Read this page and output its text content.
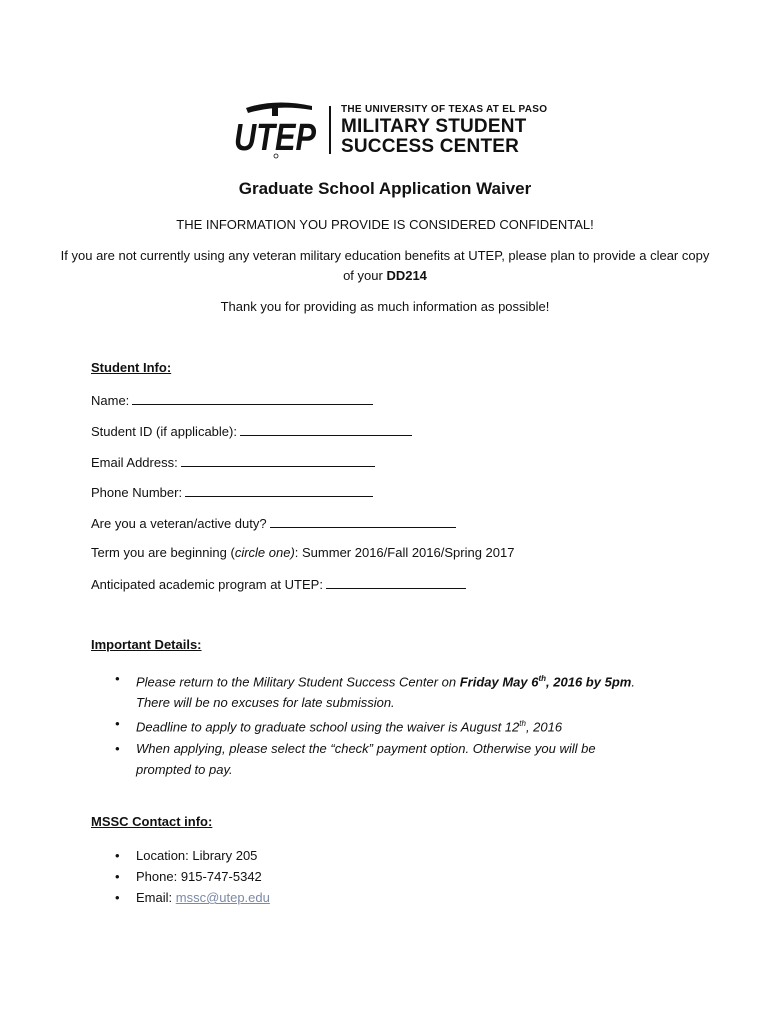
UTEP
THE UNIVERSITY OF TEXAS AT EL PASO
MILITARY STUDENT
SUCCESS CENTER
Graduate School Application Waiver
THE INFORMATION YOU PROVIDE IS CONSIDERED CONFIDENTAL!
If you are not currently using any veteran military education benefits at UTEP, please plan to provide a clear copy of your DD214
Thank you for providing as much information as possible!
Student Info:
Name:
Student ID (if applicable):
Email Address:
Phone Number:
Are you a veteran/active duty?
Term you are beginning (circle one): Summer 2016/Fall 2016/Spring 2017
Anticipated academic program at UTEP:
Important Details:
• Please return to the Military Student Success Center on Friday May 6th, 2016 by 5pm.
There will be no excuses for late submission.
• Deadline to apply to graduate school using the waiver is August 12th, 2016
• When applying, please select the “check” payment option. Otherwise you will be
prompted to pay.
MSSC Contact info:
• Location: Library 205
• Phone: 915-747-5342
• Email: mssc@utep.edu
